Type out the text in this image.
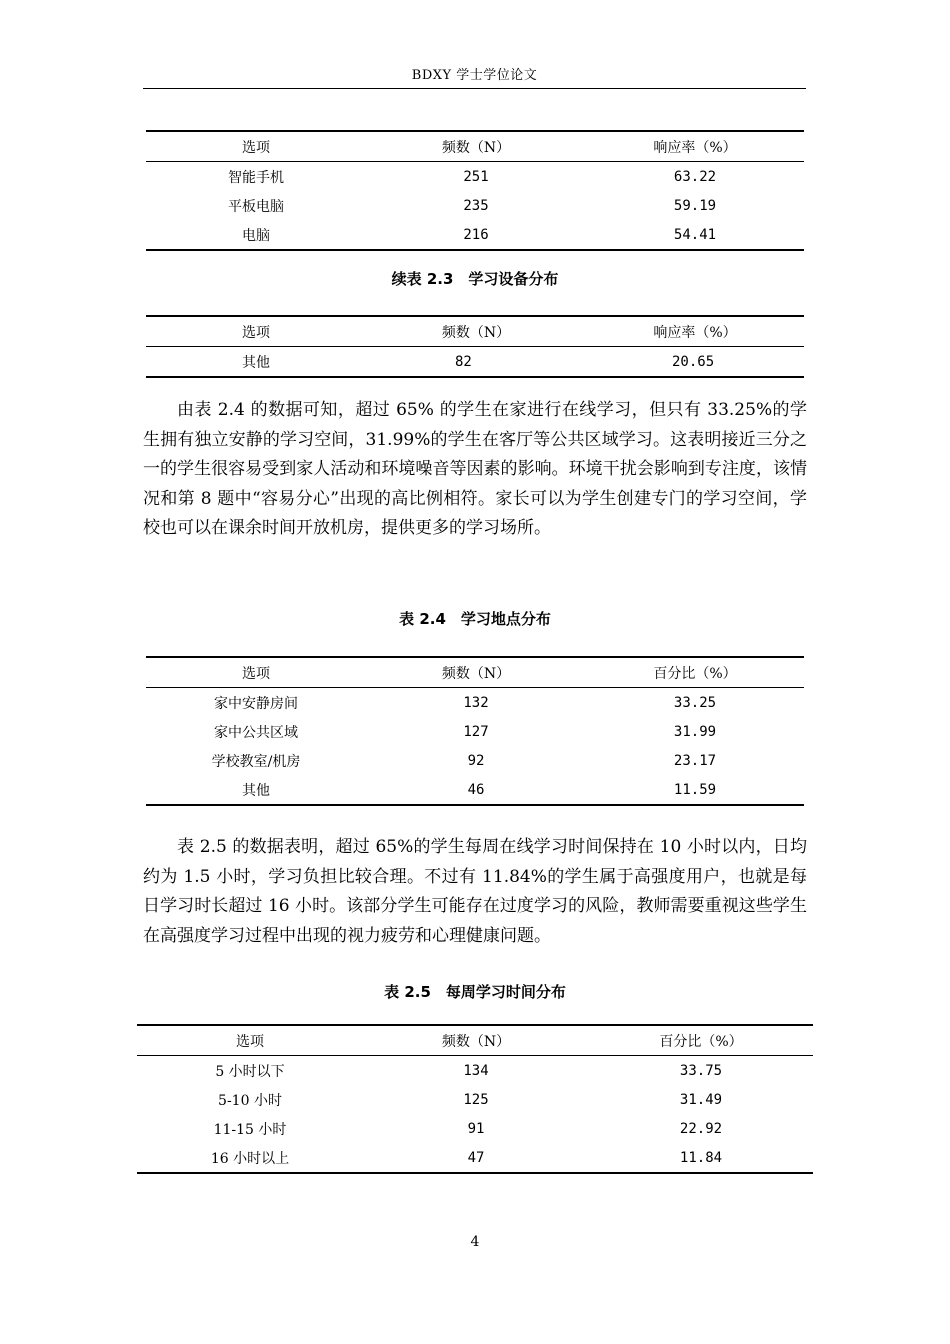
BDXY 学士学位论文
选项	频数（N）	响应率（%）
智能手机	251	63.22
平板电脑	235	59.19
电脑	216	54.41
续表 2.3　学习设备分布
选项	频数（N）	响应率（%）
其他	82	20.65

由表 2.4 的数据可知，超过 65% 的学生在家进行在线学习，但只有 33.25%的学生拥有独立安静的学习空间，31.99%的学生在客厅等公共区域学习。这表明接近三分之一的学生很容易受到家人活动和环境噪音等因素的影响。环境干扰会影响到专注度，该情况和第 8 题中“容易分心”出现的高比例相符。家长可以为学生创建专门的学习空间，学校也可以在课余时间开放机房，提供更多的学习场所。

表 2.4　学习地点分布
选项	频数（N）	百分比（%）
家中安静房间	132	33.25
家中公共区域	127	31.99
学校教室/机房	92	23.17
其他	46	11.59

表 2.5 的数据表明，超过 65%的学生每周在线学习时间保持在 10 小时以内，日均约为 1.5 小时，学习负担比较合理。不过有 11.84%的学生属于高强度用户，也就是每日学习时长超过 16 小时。该部分学生可能存在过度学习的风险，教师需要重视这些学生在高强度学习过程中出现的视力疲劳和心理健康问题。

表 2.5　每周学习时间分布
选项	频数（N）	百分比（%）
5 小时以下	134	33.75
5-10 小时	125	31.49
11-15 小时	91	22.92
16 小时以上	47	11.84
4
